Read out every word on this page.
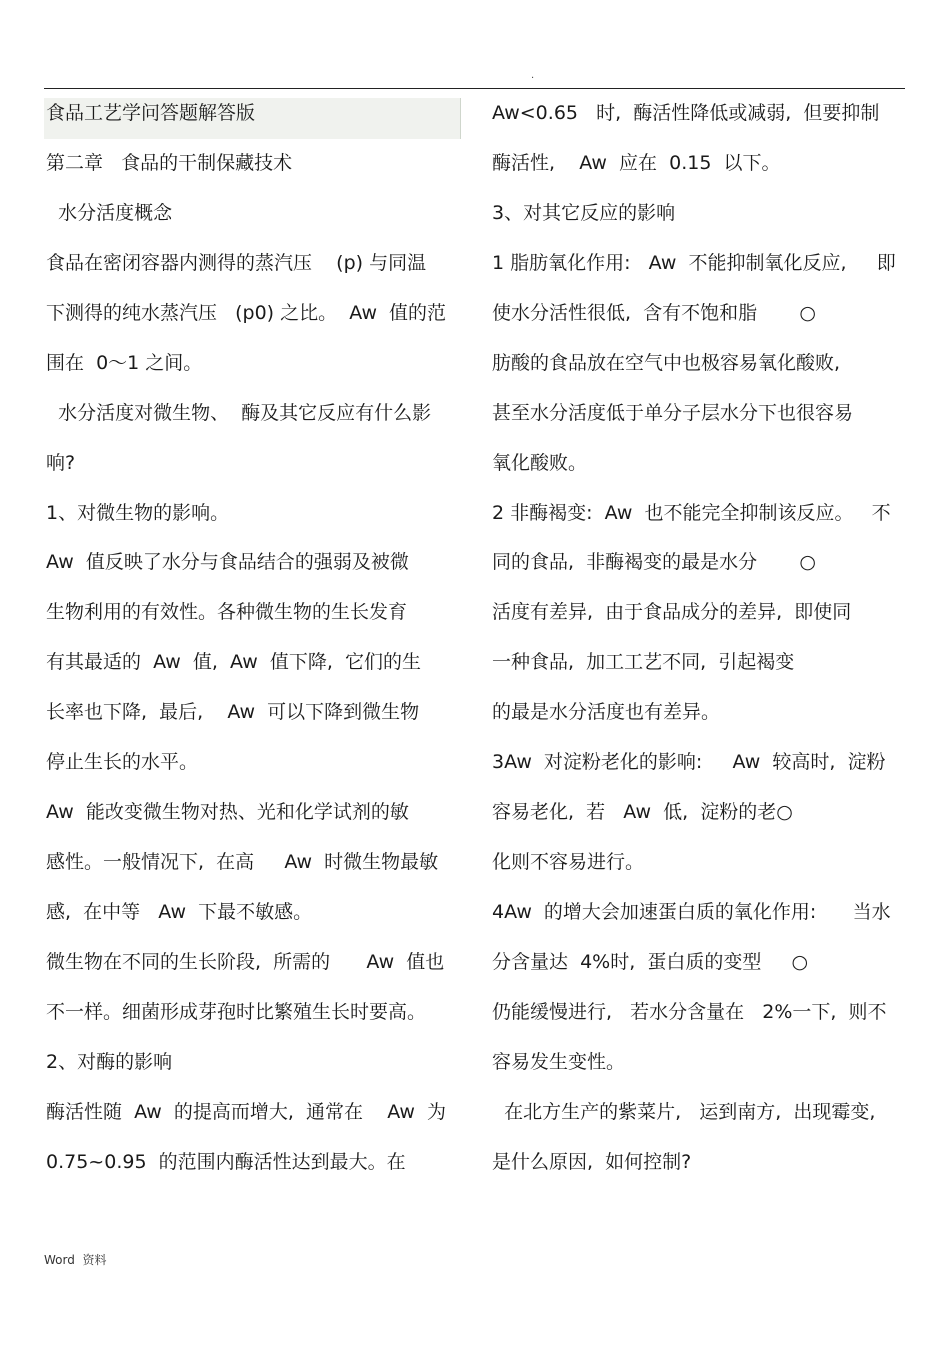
.
食品工艺学问答题解答版
第二章   食品的干制保藏技术
水分活度概念
食品在密闭容器内测得的蒸汽压    (p) 与同温
下测得的纯水蒸汽压   (p0) 之比。  Aw  值的范
围在  0～1 之间。
水分活度对微生物、  酶及其它反应有什么影
响?
1、对微生物的影响。
Aw  值反映了水分与食品结合的强弱及被微
生物利用的有效性。各种微生物的生长发育
有其最适的  Aw  值,  Aw  值下降,  它们的生
长率也下降,  最后,    Aw  可以下降到微生物
停止生长的水平。
Aw  能改变微生物对热、光和化学试剂的敏
感性。一般情况下,  在高     Aw  时微生物最敏
感,  在中等   Aw  下最不敏感。
微生物在不同的生长阶段,  所需的      Aw  值也
不一样。细菌形成芽孢时比繁殖生长时要高。
2、对酶的影响
酶活性随  Aw  的提高而增大,  通常在    Aw  为
0.75~0.95  的范围内酶活性达到最大。在
Aw<0.65   时,  酶活性降低或减弱,  但要抑制
酶活性,    Aw  应在  0.15  以下。
3、对其它反应的影响
1 脂肪氧化作用:   Aw  不能抑制氧化反应,     即
使水分活性很低,  含有不饱和脂       ○
肪酸的食品放在空气中也极容易氧化酸败,
甚至水分活度低于单分子层水分下也很容易
氧化酸败。
2 非酶褐变:  Aw  也不能完全抑制该反应。   不
同的食品,  非酶褐变的最是水分       ○
活度有差异,  由于食品成分的差异,  即使同
一种食品,  加工工艺不同,  引起褐变
的最是水分活度也有差异。
3Aw  对淀粉老化的影响:     Aw  较高时,  淀粉
容易老化,  若   Aw  低,  淀粉的老○
化则不容易进行。
4Aw  的增大会加速蛋白质的氧化作用:      当水
分含量达  4%时,  蛋白质的变型     ○
仍能缓慢进行,   若水分含量在   2%一下,  则不
容易发生变性。
在北方生产的紫菜片,   运到南方,  出现霉变,
是什么原因,  如何控制?
Word  资料
